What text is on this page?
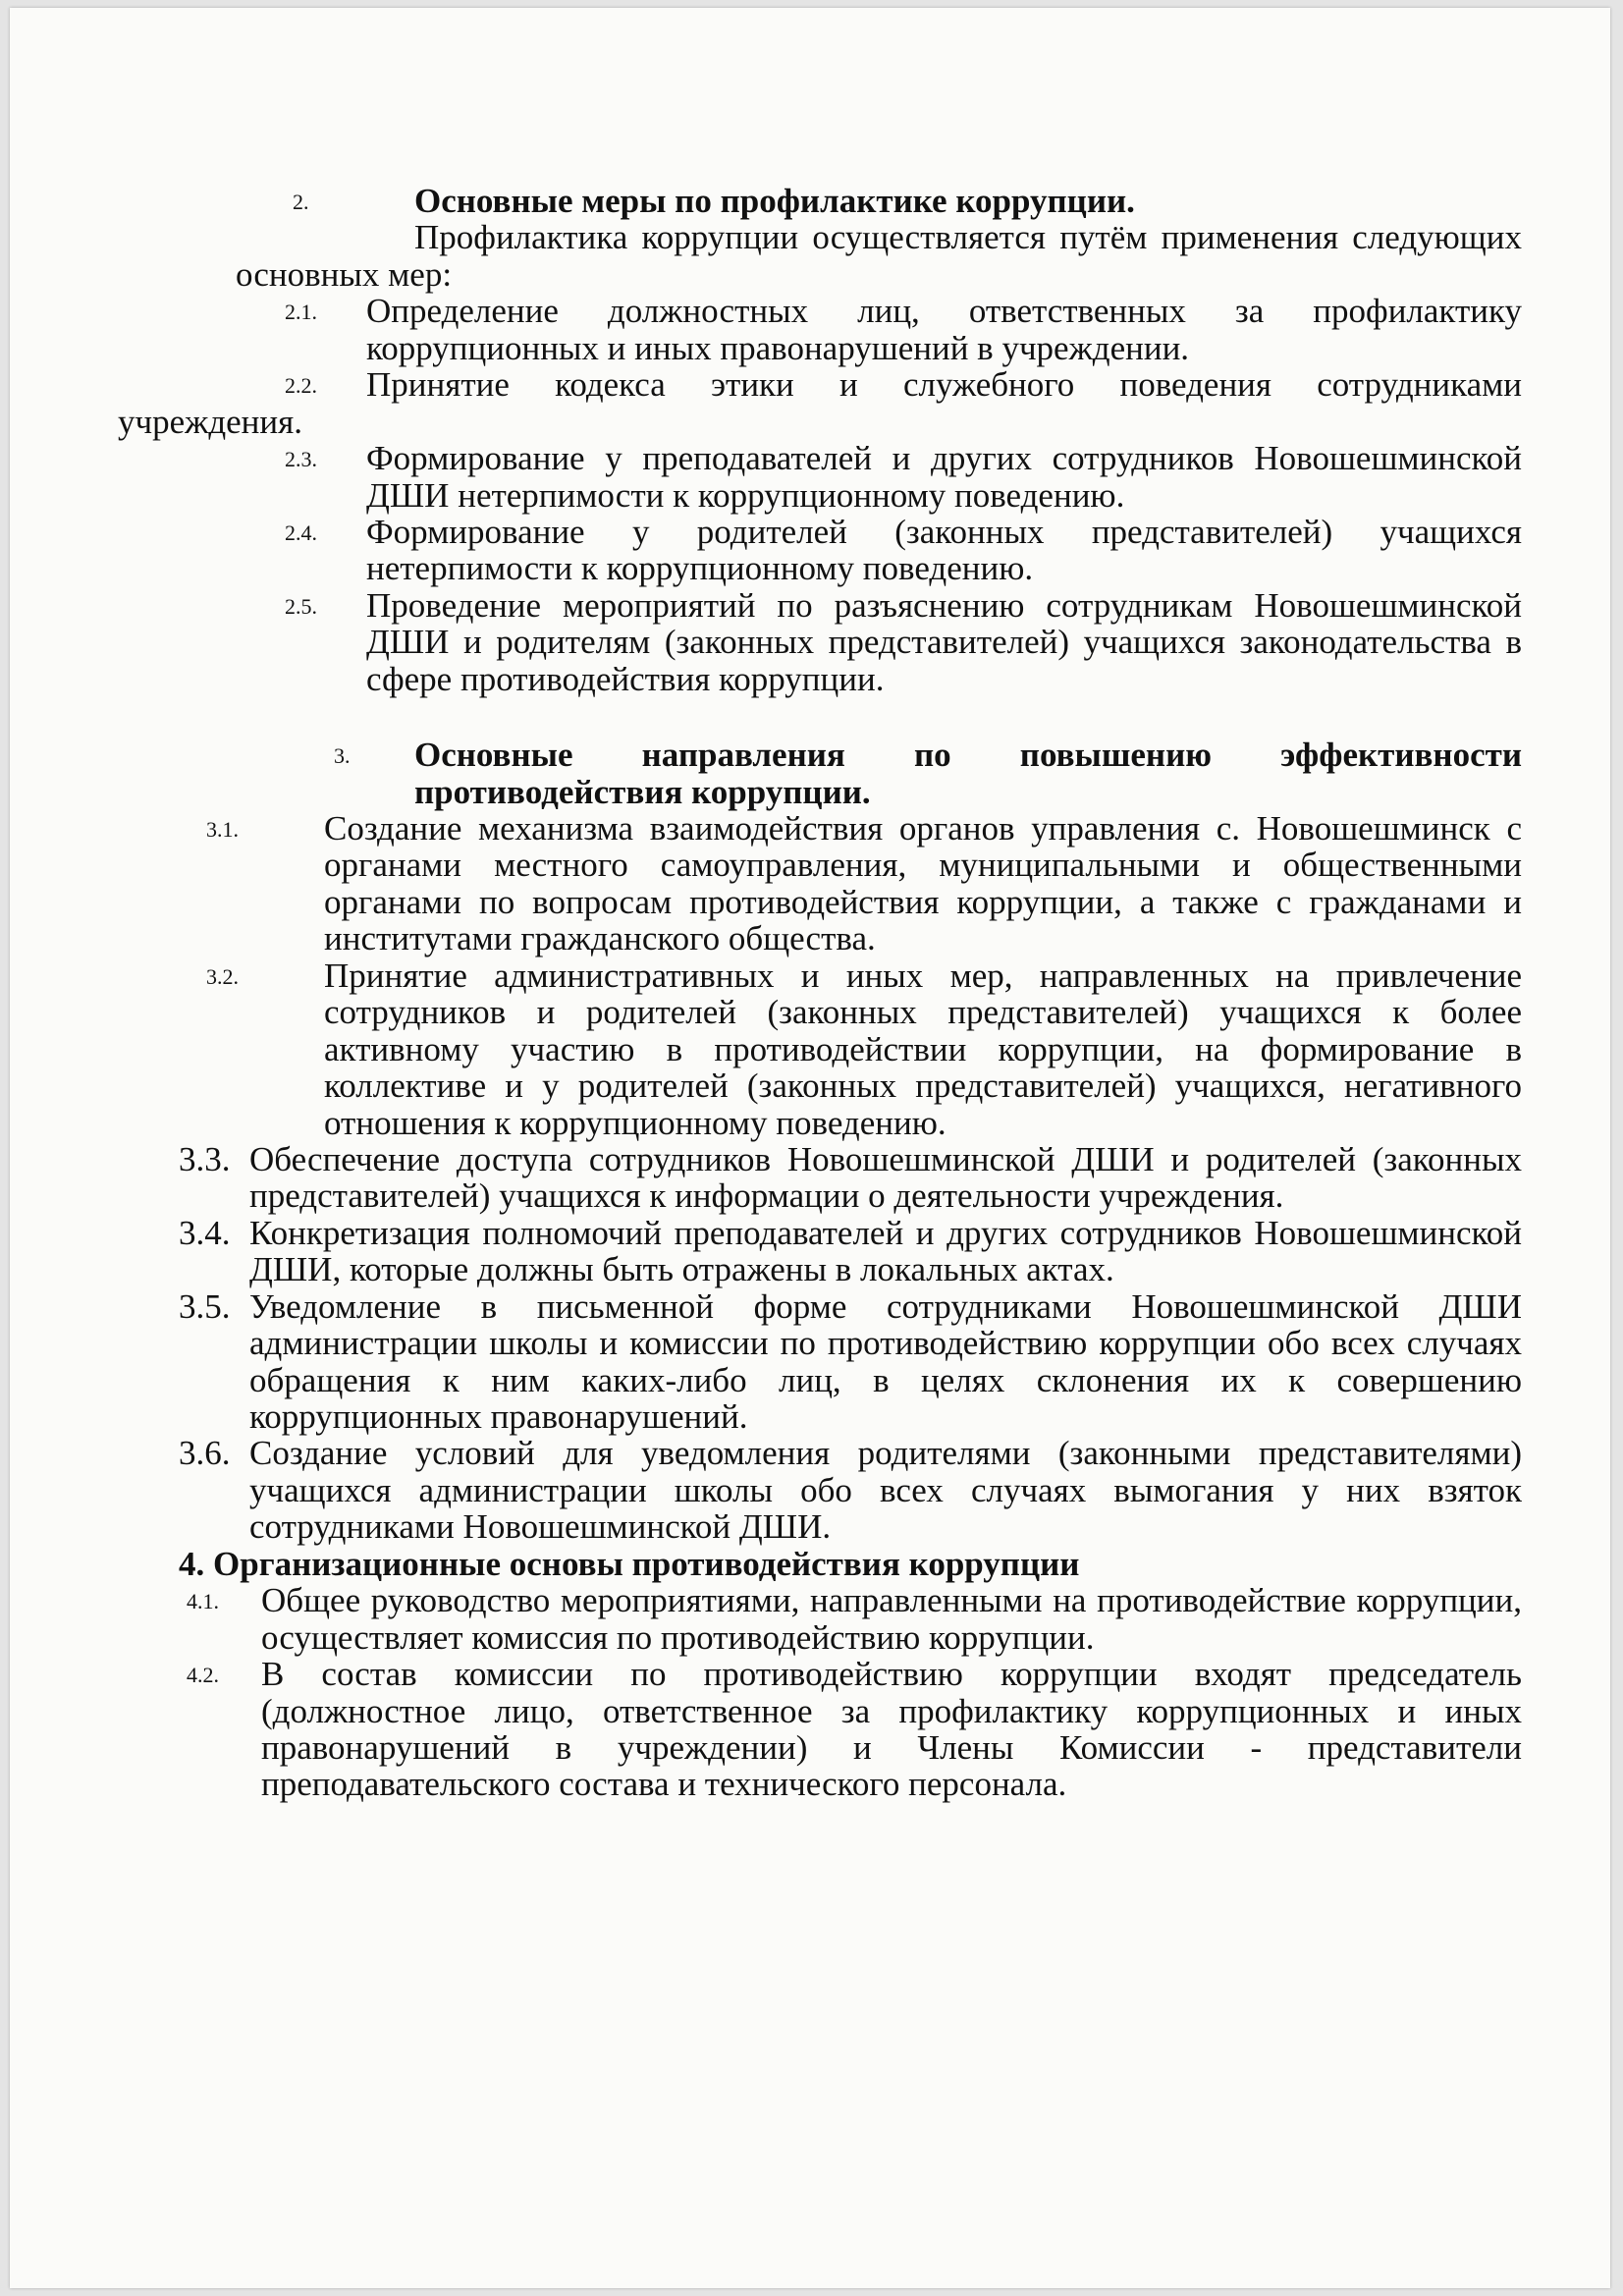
2.	Основные меры по профилактике коррупции.
Профилактика коррупции осуществляется путём применения следующих основных мер:
2.1.	Определение должностных лиц, ответственных за профилактику коррупционных и иных правонарушений в учреждении.
2.2.	Принятие кодекса этики и служебного поведения сотрудниками
учреждения.
2.3.	Формирование у преподавателей и других сотрудников Новошешминской ДШИ нетерпимости к коррупционному поведению.
2.4.	Формирование у родителей (законных представителей) учащихся нетерпимости к коррупционному поведению.
2.5.	Проведение мероприятий по разъяснению сотрудникам Новошешминской ДШИ и родителям (законных представителей) учащихся законодательства в сфере противодействия коррупции.
3. Основные направления по повышению эффективности противодействия коррупции.
3.1.	Создание механизма взаимодействия органов управления с. Новошешминск с органами местного самоуправления, муниципальными и общественными органами по вопросам противодействия коррупции, а также с гражданами и институтами гражданского общества.
3.2.	Принятие административных и иных мер, направленных на привлечение сотрудников и родителей (законных представителей) учащихся к более активному участию в противодействии коррупции, на формирование в коллективе и у родителей (законных представителей) учащихся, негативного отношения к коррупционному поведению.
3.3. Обеспечение доступа сотрудников Новошешминской ДШИ и родителей (законных представителей) учащихся к информации о деятельности учреждения.
3.4. Конкретизация полномочий преподавателей и других сотрудников Новошешминской ДШИ, которые должны быть отражены в локальных актах.
3.5. Уведомление в письменной форме сотрудниками Новошешминской ДШИ администрации школы и комиссии по противодействию коррупции обо всех случаях обращения к ним каких-либо лиц, в целях склонения их к совершению коррупционных правонарушений.
3.6. Создание условий для уведомления родителями (законными представителями) учащихся администрации школы обо всех случаях вымогания у них взяток сотрудниками Новошешминской ДШИ.
4. Организационные основы противодействия коррупции
4.1.	Общее руководство мероприятиями, направленными на противодействие коррупции, осуществляет комиссия по противодействию коррупции.
4.2.	В состав комиссии по противодействию коррупции входят председатель (должностное лицо, ответственное за профилактику коррупционных и иных правонарушений в учреждении) и Члены Комиссии - представители преподавательского состава и технического персонала.
